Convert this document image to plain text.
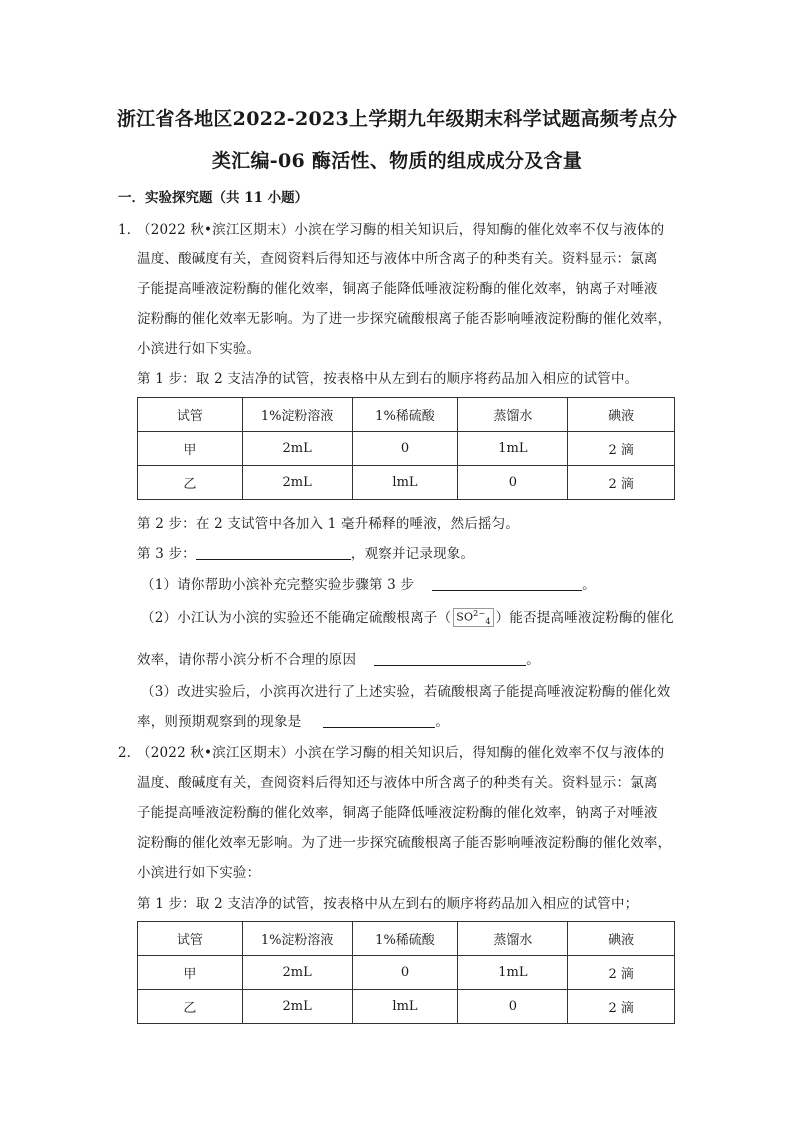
浙江省各地区2022-2023上学期九年级期末科学试题高频考点分
类汇编-06 酶活性、物质的组成成分及含量
一．实验探究题（共 11 小题）
1．
（2022 秋•滨江区期末）小滨在学习酶的相关知识后，得知酶的催化效率不仅与液体的
温度、酸碱度有关，查阅资料后得知还与液体中所含离子的种类有关。资料显示：氯离
子能提高唾液淀粉酶的催化效率，铜离子能降低唾液淀粉酶的催化效率，钠离子对唾液
淀粉酶的催化效率无影响。为了进一步探究硫酸根离子能否影响唾液淀粉酶的催化效率，
小滨进行如下实验。
第 1 步：取 2 支洁净的试管，按表格中从左到右的顺序将药品加入相应的试管中。
试管	1%淀粉溶液	1%稀硫酸	蒸馏水	碘液
甲	2mL	0	1mL	2 滴
乙	2mL	lmL	0	2 滴
第 2 步：在 2 支试管中各加入 1 毫升稀释的唾液，然后摇匀。
第 3 步：	，观察并记录现象。
（1）请你帮助小滨补充完整实验步骤第 3 步	。
（2）小江认为小滨的实验还不能确定硫酸根离子（ $SO^{2-}_4$ ）能否提高唾液淀粉酶的催化
效率，请你帮小滨分析不合理的原因	。
（3）改进实验后，小滨再次进行了上述实验，若硫酸根离子能提高唾液淀粉酶的催化效
率，则预期观察到的现象是	。
2．
（2022 秋•滨江区期末）小滨在学习酶的相关知识后，得知酶的催化效率不仅与液体的
温度、酸碱度有关，查阅资料后得知还与液体中所含离子的种类有关。资料显示：氯离
子能提高唾液淀粉酶的催化效率，铜离子能降低唾液淀粉酶的催化效率，钠离子对唾液
淀粉酶的催化效率无影响。为了进一步探究硫酸根离子能否影响唾液淀粉酶的催化效率，
小滨进行如下实验：
第 1 步：取 2 支洁净的试管，按表格中从左到右的顺序将药品加入相应的试管中；
试管	1%淀粉溶液	1%稀硫酸	蒸馏水	碘液
甲	2mL	0	1mL	2 滴
乙	2mL	lmL	0	2 滴
